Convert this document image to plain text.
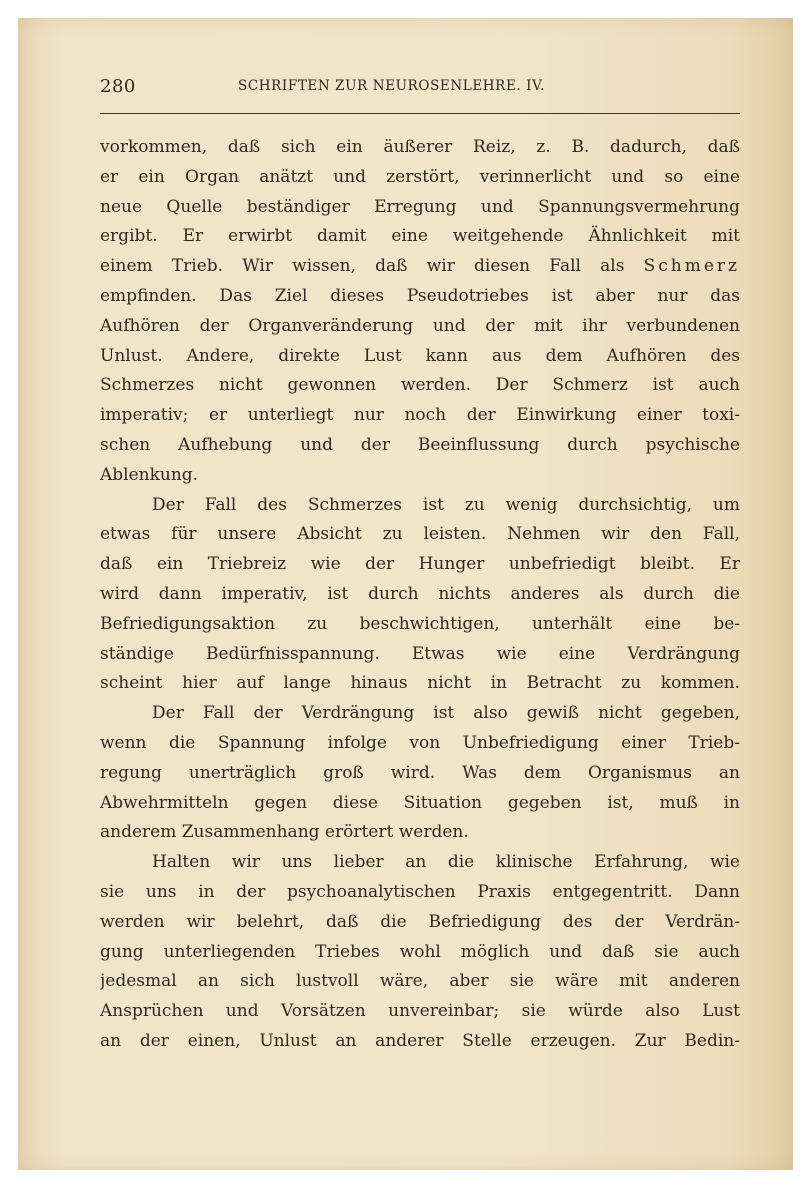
280	SCHRIFTEN ZUR NEUROSENLEHRE. IV.
vorkommen, daß sich ein äußerer Reiz, z. B. dadurch, daß
er ein Organ anätzt und zerstört, verinnerlicht und so eine
neue Quelle beständiger Erregung und Spannungsvermehrung
ergibt. Er erwirbt damit eine weitgehende Ähnlichkeit mit
einem Trieb. Wir wissen, daß wir diesen Fall als Schmerz
empfinden. Das Ziel dieses Pseudotriebes ist aber nur das
Aufhören der Organveränderung und der mit ihr verbundenen
Unlust. Andere, direkte Lust kann aus dem Aufhören des
Schmerzes nicht gewonnen werden. Der Schmerz ist auch
imperativ; er unterliegt nur noch der Einwirkung einer toxi-
schen Aufhebung und der Beeinflussung durch psychische
Ablenkung.
Der Fall des Schmerzes ist zu wenig durchsichtig, um
etwas für unsere Absicht zu leisten. Nehmen wir den Fall,
daß ein Triebreiz wie der Hunger unbefriedigt bleibt. Er
wird dann imperativ, ist durch nichts anderes als durch die
Befriedigungsaktion zu beschwichtigen, unterhält eine be-
ständige Bedürfnisspannung. Etwas wie eine Verdrängung
scheint hier auf lange hinaus nicht in Betracht zu kommen.
Der Fall der Verdrängung ist also gewiß nicht gegeben,
wenn die Spannung infolge von Unbefriedigung einer Trieb-
regung unerträglich groß wird. Was dem Organismus an
Abwehrmitteln gegen diese Situation gegeben ist, muß in
anderem Zusammenhang erörtert werden.
Halten wir uns lieber an die klinische Erfahrung, wie
sie uns in der psychoanalytischen Praxis entgegentritt. Dann
werden wir belehrt, daß die Befriedigung des der Verdrän-
gung unterliegenden Triebes wohl möglich und daß sie auch
jedesmal an sich lustvoll wäre, aber sie wäre mit anderen
Ansprüchen und Vorsätzen unvereinbar; sie würde also Lust
an der einen, Unlust an anderer Stelle erzeugen. Zur Bedin-
